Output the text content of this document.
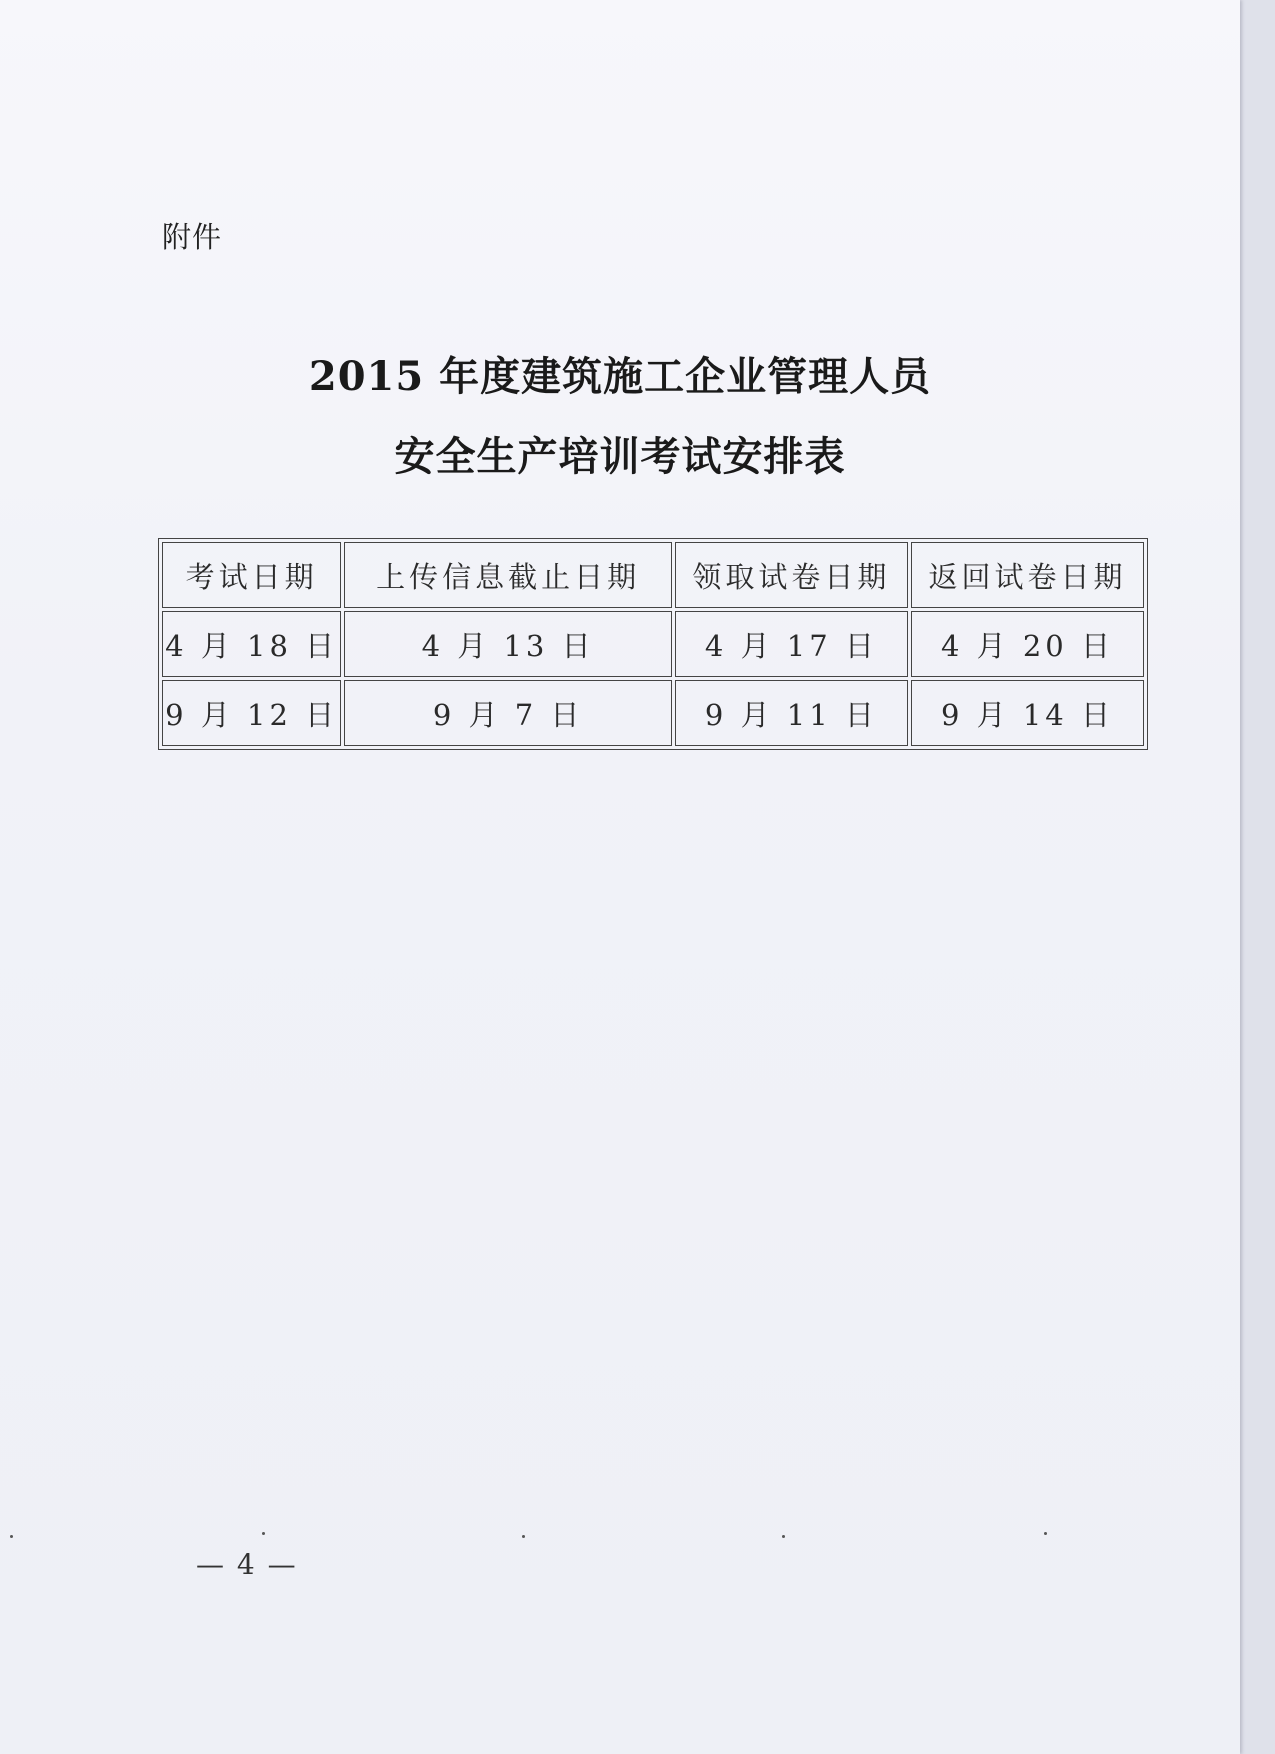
附件
2015 年度建筑施工企业管理人员
安全生产培训考试安排表
考试日期	上传信息截止日期	领取试卷日期	返回试卷日期
4 月 18 日	4 月 13 日	4 月 17 日	4 月 20 日
9 月 12 日	9 月 7 日	9 月 11 日	9 月 14 日
— 4 —
